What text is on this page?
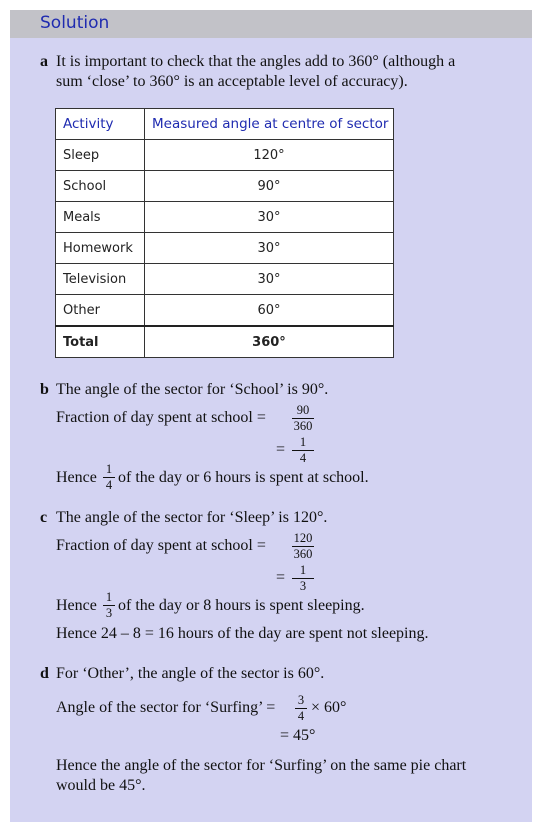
Solution
a It is important to check that the angles add to 360° (although a
sum ‘close’ to 360° is an acceptable level of accuracy).
Activity	Measured angle at centre of sector
Sleep	120°
School	90°
Meals	30°
Homework	30°
Television	30°
Other	60°
Total	360°
b The angle of the sector for ‘School’ is 90°.
Fraction of day spent at school =	90
360
=	1
4
Hence 1
4 of the day or 6 hours is spent at school.
c The angle of the sector for ‘Sleep’ is 120°.
Fraction of day spent at school = 120
360
=	1
3
Hence 1
3 of the day or 8 hours is spent sleeping.
Hence 24 – 8 = 16 hours of the day are spent not sleeping.
d For ‘Other’, the angle of the sector is 60°.
Angle of the sector for ‘Surfing’ =	3
4 × 60°
= 45°
Hence the angle of the sector for ‘Surfing’ on the same pie chart
would be 45°.
